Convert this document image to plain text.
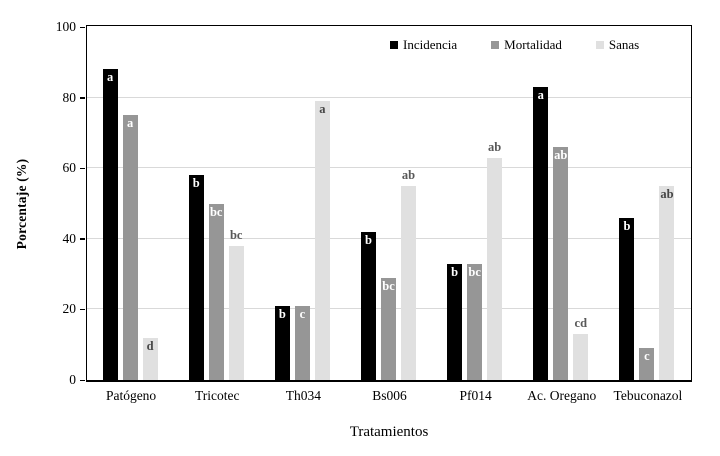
Porcentaje (%)
0
20
40
60
80
100
a
a
d
b
bc
bc
b	c
a
b
bc
ab
b bc
ab
a
ab
cd
b
c
ab
Incidencia	Mortalidad	Sanas
Patógeno	Tricotec	Th034	Bs006	Pf014	Ac. Oregano	Tebuconazol
Tratamientos
